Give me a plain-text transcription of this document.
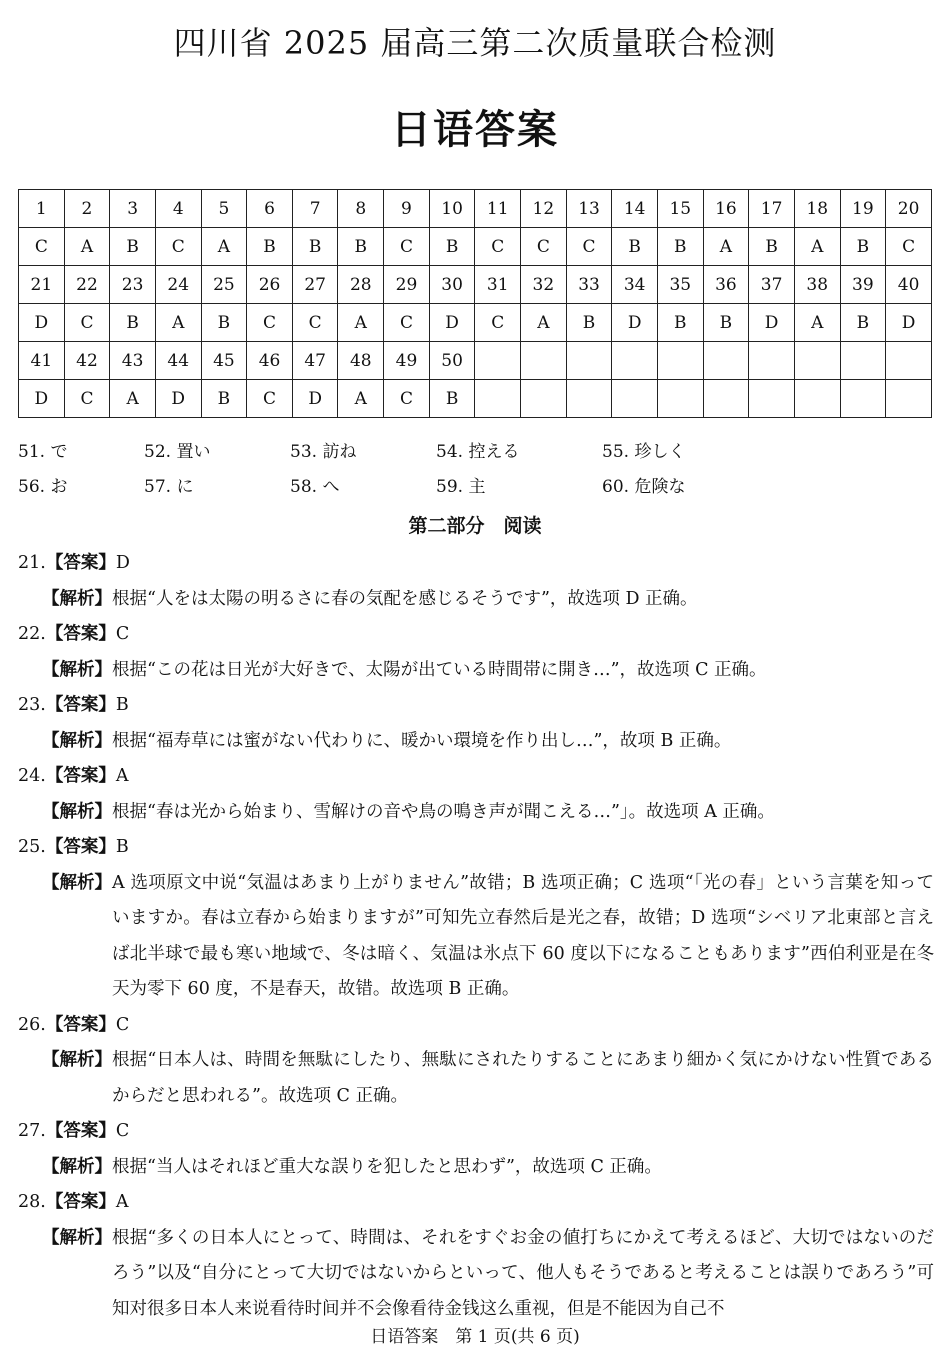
四川省 2025 届高三第二次质量联合检测
日语答案
1	2	3	4	5	6	7	8	9	10	11	12	13	14	15	16	17	18	19	20
C	A	B	C	A	B	B	B	C	B	C	C	C	B	B	A	B	A	B	C
21	22	23	24	25	26	27	28	29	30	31	32	33	34	35	36	37	38	39	40
D	C	B	A	B	C	C	A	C	D	C	A	B	D	B	B	D	A	B	D
41	42	43	44	45	46	47	48	49	50										
D	C	A	D	B	C	D	A	C	B										
51. で	52. 置い	53. 訪ね	54. 控える	55. 珍しく
56. お	57. に	58. へ	59. 主	60. 危険な
第二部分　阅读
21.【答案】D
【解析】 根据“人をは太陽の明るさに春の気配を感じるそうです”，故选项 D 正确。
22.【答案】C
【解析】 根据“この花は日光が大好きで、太陽が出ている時間帯に開き…”，故选项 C 正确。
23.【答案】B
【解析】 根据“福寿草には蜜がない代わりに、暖かい環境を作り出し…”，故项 B 正确。
24.【答案】A
【解析】 根据“春は光から始まり、雪解けの音や鳥の鳴き声が聞こえる…”」。故选项 A 正确。
25.【答案】B
【解析】 A 选项原文中说“気温はあまり上がりません”故错；B 选项正确；C 选项“「光の春」という言葉を知っていますか。春は立春から始まりますが”可知先立春然后是光之春，故错；D 选项“シベリア北東部と言えば北半球で最も寒い地域で、冬は暗く、気温は氷点下 60 度以下になることもあります”西伯利亚是在冬天为零下 60 度，不是春天，故错。故选项 B 正确。
26.【答案】C
【解析】 根据“日本人は、時間を無駄にしたり、無駄にされたりすることにあまり細かく気にかけない性質であるからだと思われる”。故选项 C 正确。
27.【答案】C
【解析】 根据“当人はそれほど重大な誤りを犯したと思わず”，故选项 C 正确。
28.【答案】A
【解析】 根据“多くの日本人にとって、時間は、それをすぐお金の値打ちにかえて考えるほど、大切ではないのだろう”以及“自分にとって大切ではないからといって、他人もそうであると考えることは誤りであろう”可知对很多日本人来说看待时间并不会像看待金钱这么重视，但是不能因为自己不
日语答案　第 1 页(共 6 页)
